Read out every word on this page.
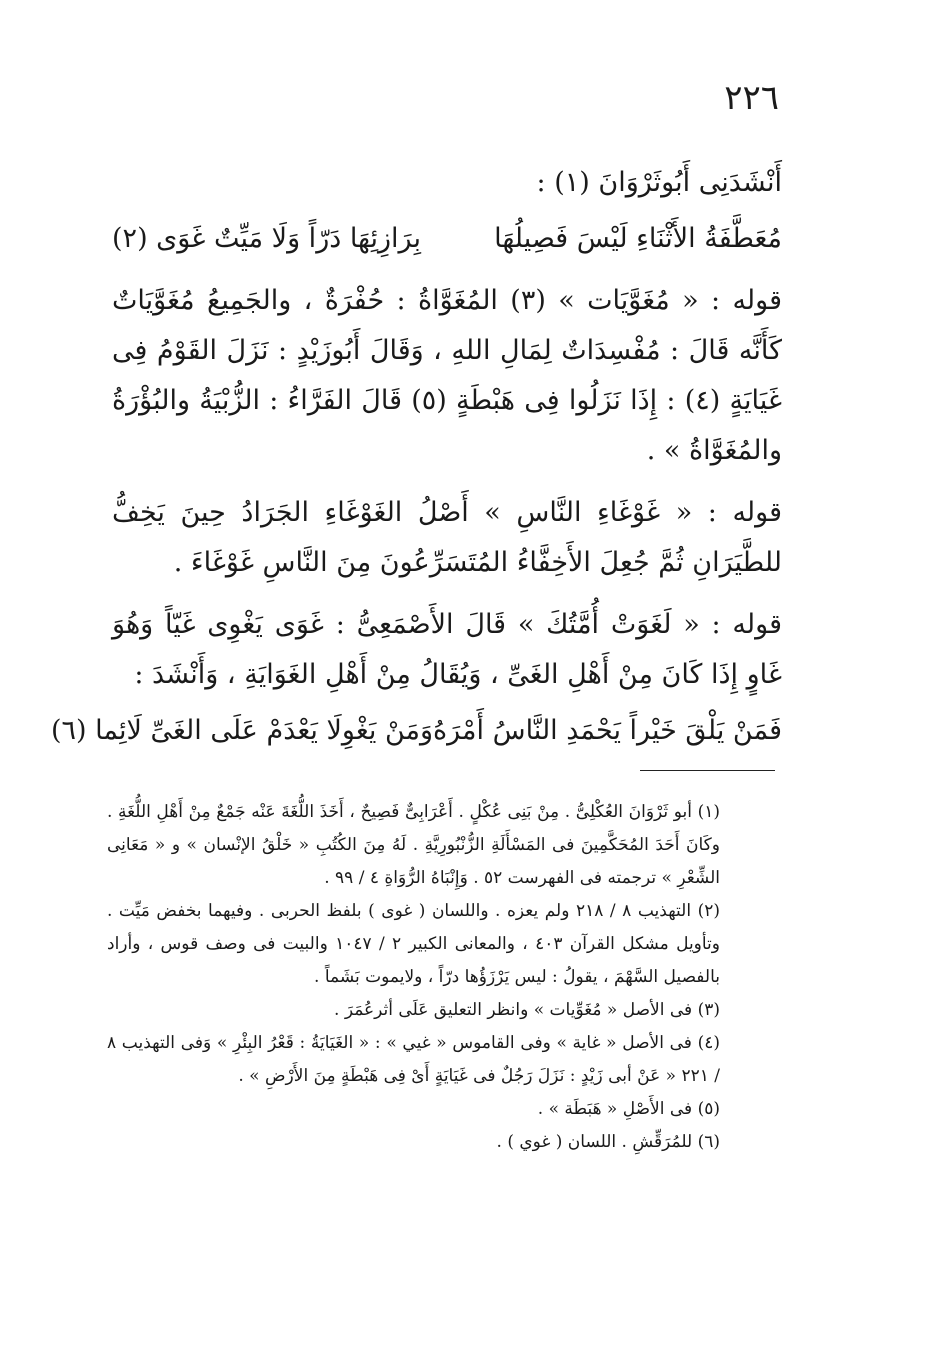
٢٢٦

أَنْشَدَنِى أَبُوثَرْوَانَ (١) :

مُعَطَّفَةُ الأَثْنَاءِ لَيْسَ فَصِيلُهَا
بِرَازِئِهَا دَرّاً وَلَا مَيِّتٌ غَوَى (٢)

قوله : « مُغَوَّيَات » (٣) المُغَوَّاةُ : حُفْرَةٌ ، والجَمِيعُ مُغَوَّيَاتٌ كَأَنَّه قَالَ : مُفْسِدَاتٌ لِمَالِ اللهِ ، وَقَالَ أَبُوزَيْدٍ : نَزَلَ القَوْمُ فِى غَيَايَةٍ (٤) : إِذَا نَزَلُوا فِى هَبْطَةٍ (٥) قَالَ الفَرَّاءُ : الزُّبْيَةُ والبُؤْرَةُ والمُغَوَّاةُ » .

قوله : « غَوْغَاءِ النَّاسِ » أَصْلُ الغَوْغَاءِ الجَرَادُ حِينَ يَخِفُّ للطَّيَرَانِ ثُمَّ جُعِلَ الأَخِفَّاءُ المُتَسَرِّعُونَ مِنَ النَّاسِ غَوْغَاءَ .

قوله : « لَغَوَتْ أُمَّتُكَ » قَالَ الأَصْمَعِىُّ : غَوَى يَغْوِى غَيّاً وَهُوَ غَاوٍ إِذَا كَانَ مِنْ أَهْلِ الغَىِّ ، وَيُقَالُ مِنْ أَهْلِ الغَوَايَةِ ، وَأَنْشَدَ :

فَمَنْ يَلْقَ خَيْراً يَحْمَدِ النَّاسُ أَمْرَهُ
وَمَنْ يَغْوِلَا يَعْدَمْ عَلَى الغَىِّ لَائِما (٦)

(١) أبو ثَرْوَانَ العُكْلِىُّ . مِنْ بَنِى عُكْلٍ . أَعْرَابِىٌّ فَصِيحٌ ، أَخَذَ اللُّغَةَ عَنْه جَمْعٌ مِنْ أَهْلِ اللُّغَةِ . وكَانَ أَحَدَ المُحَكَّمِينَ فى المَسْأَلَةِ الزُّنْبُورِيَّةِ . لَهُ مِنَ الكُتُبِ « خَلْقُ الإنْسان » و « مَعَانِى الشِّعْرِ » ترجمته فى الفهرست ٥٢ . وَإِنْبَاهُ الرُّوَاةِ ٤ / ٩٩ .

(٢) التهذيب ٨ / ٢١٨ ولم يعزه . واللسان ( غوى ) بلفظ الحربى . وفيهما بخفض مَيِّت . وتأويل مشكل القرآن ٤٠٣ ، والمعانى الكبير ٢ / ١٠٤٧ والبيت فى وصف قوس ، وأراد بالفصيل السَّهْمَ ، يقولُ : ليس يَرْزَؤُها درّاً ، ولايموت بَشَماً .

(٣) فى الأصل « مُغَوِّيات » وانظر التعليق عَلَى أثرعُمَرَ .

(٤) فى الأصل « غاية » وفى القاموس « غيي » : « الغَيَايَةُ : قَعْرُ البِئْرِ » وَفى التهذيب ٨ / ٢٢١ « عَنْ أبى زَيْدٍ : نَزَلَ رَجُلٌ فى غَيَايَةٍ أَىْ فِى هَبْطَةٍ مِنَ الأَرْضِ » .

(٥) فى الأَصْلِ « هَبَطَة » .

(٦) للمُرَقِّشِ . اللسان ( غوي ) .
